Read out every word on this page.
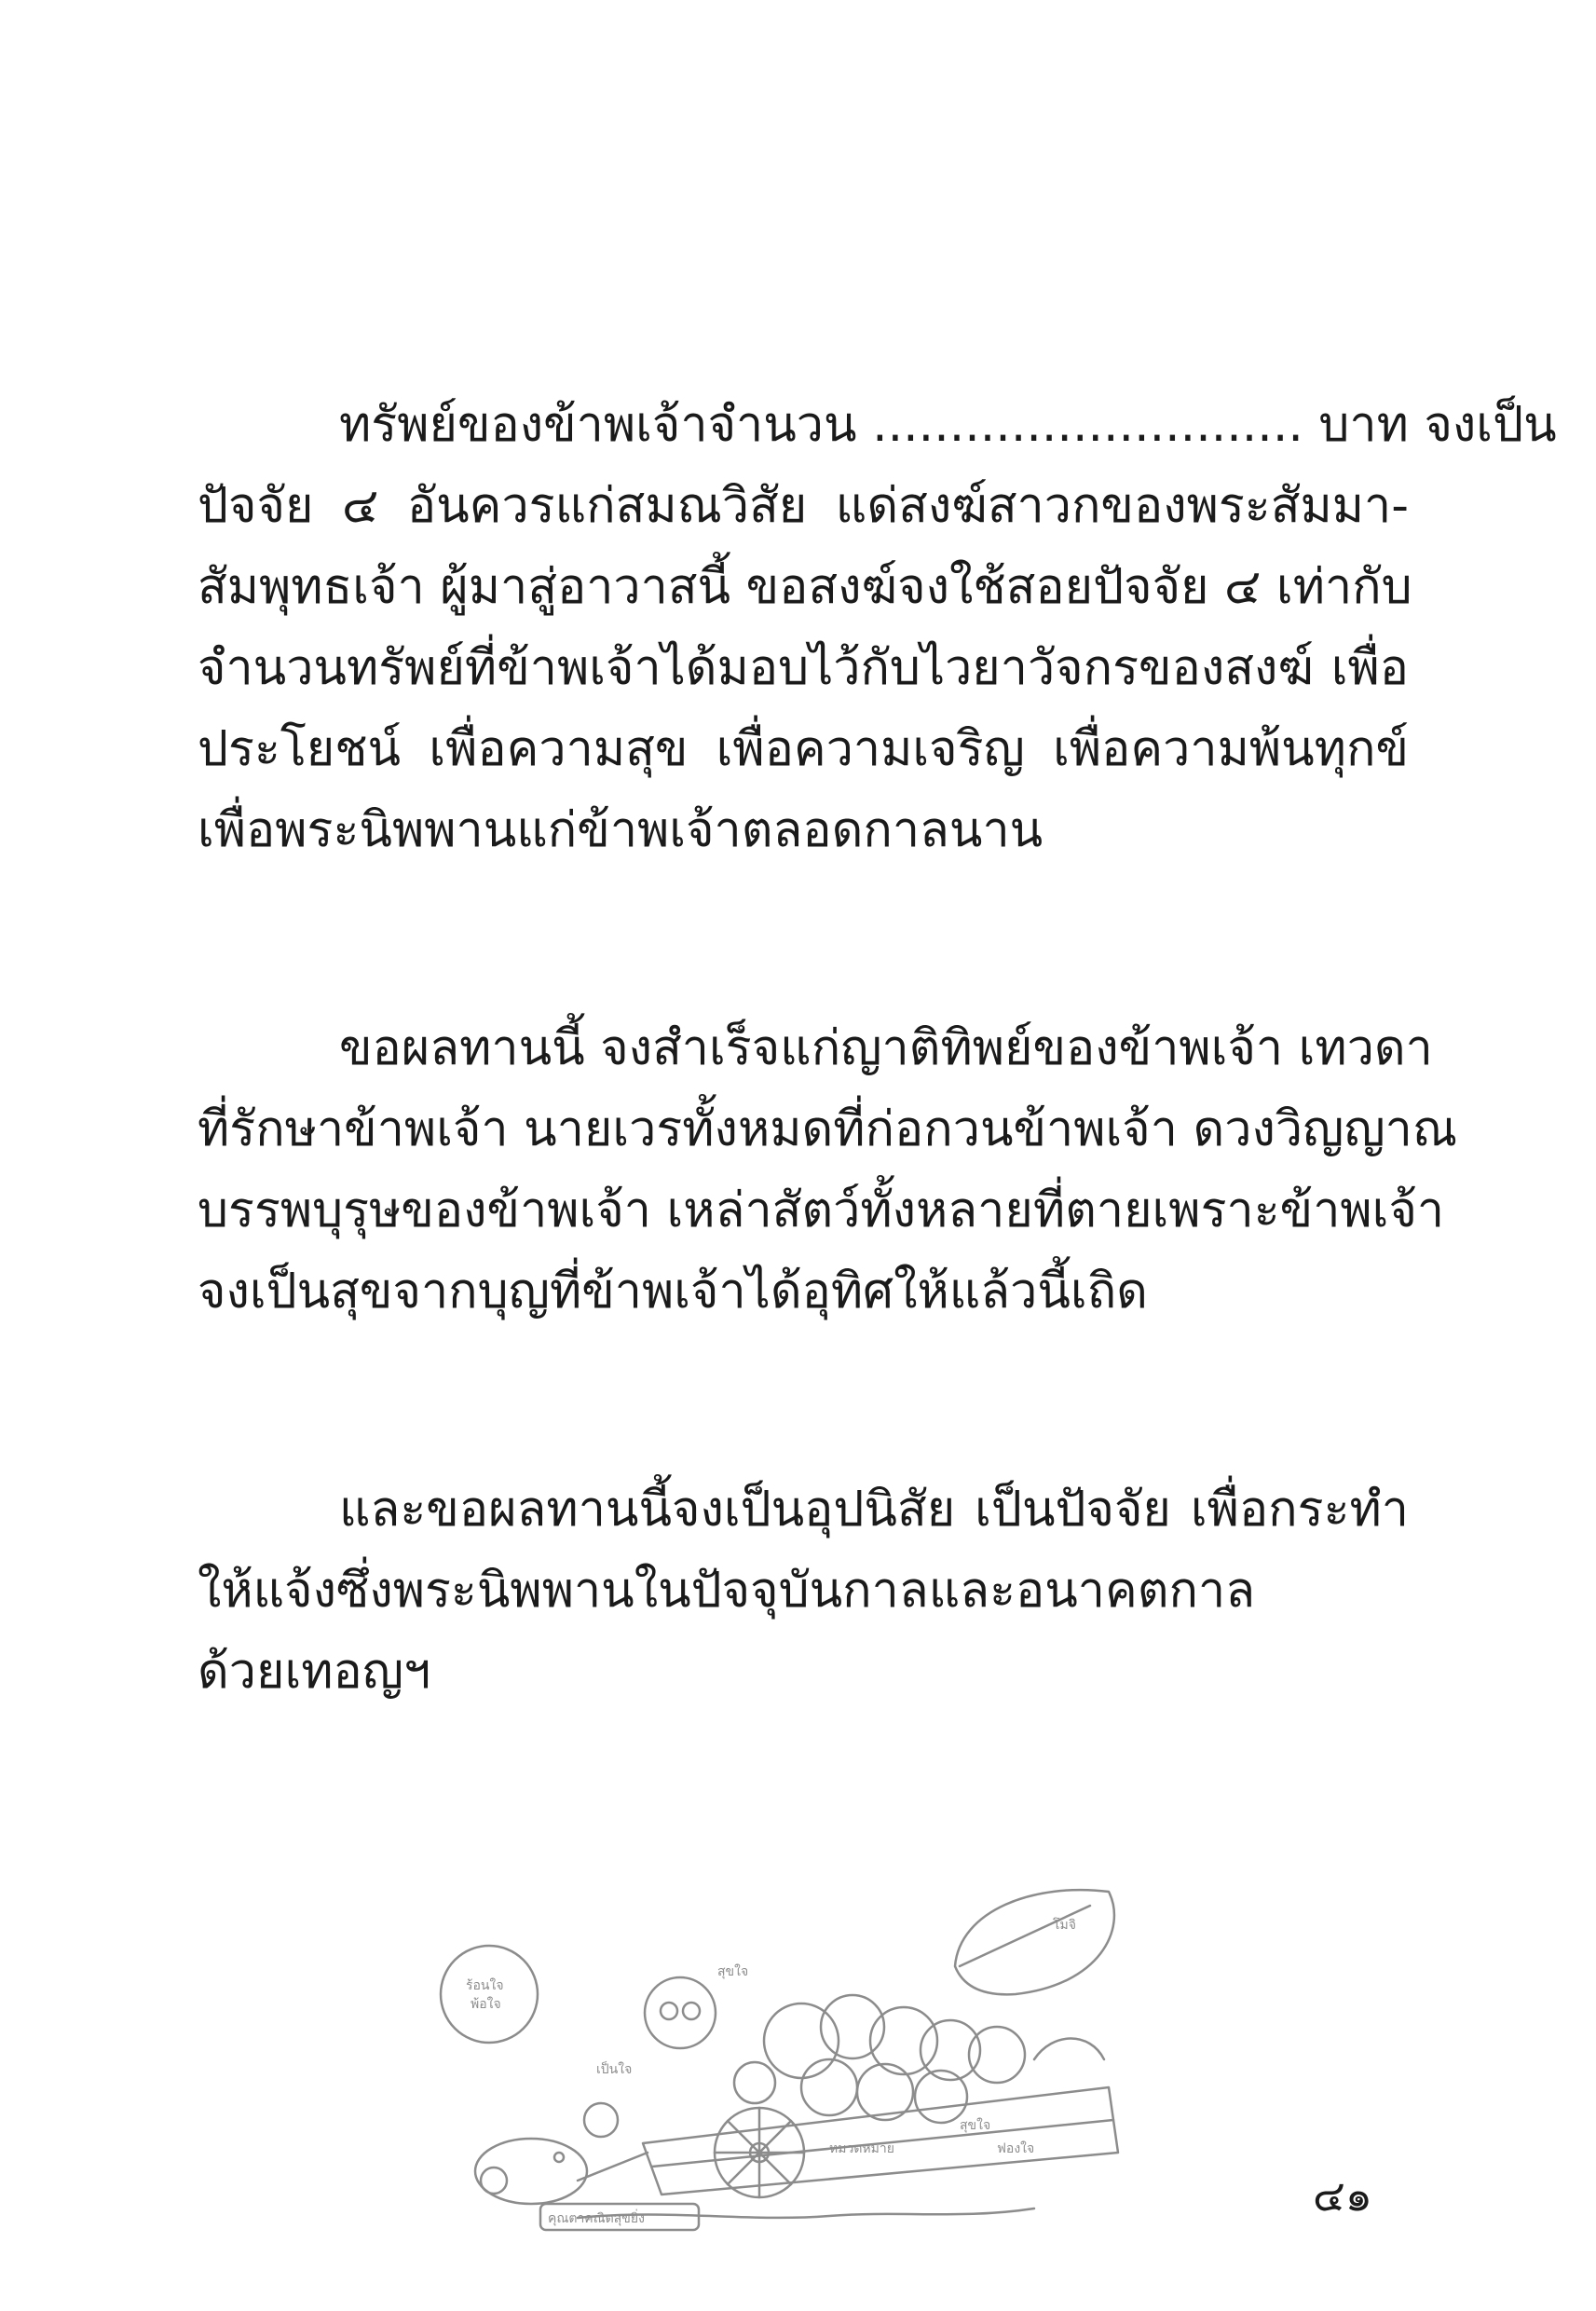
ทรัพย์ของข้าพเจ้าจำนวน ............................ บาท จงเป็น
ปัจจัย ๔ อันควรแก่สมณวิสัย แด่สงฆ์สาวกของพระสัมมา-
สัมพุทธเจ้า ผู้มาสู่อาวาสนี้ ขอสงฆ์จงใช้สอยปัจจัย ๔ เท่ากับ
จำนวนทรัพย์ที่ข้าพเจ้าได้มอบไว้กับไวยาวัจกรของสงฆ์ เพื่อ
ประโยชน์ เพื่อความสุข เพื่อความเจริญ เพื่อความพ้นทุกข์
เพื่อพระนิพพานแก่ข้าพเจ้าตลอดกาลนาน
ขอผลทานนี้ จงสำเร็จแก่ญาติทิพย์ของข้าพเจ้า เทวดา
ที่รักษาข้าพเจ้า นายเวรทั้งหมดที่ก่อกวนข้าพเจ้า ดวงวิญญาณ
บรรพบุรุษของข้าพเจ้า เหล่าสัตว์ทั้งหลายที่ตายเพราะข้าพเจ้า
จงเป็นสุขจากบุญที่ข้าพเจ้าได้อุทิศให้แล้วนี้เถิด
และขอผลทานนี้จงเป็นอุปนิสัย เป็นปัจจัย เพื่อกระทำ
ให้แจ้งซึ่งพระนิพพานในปัจจุบันกาลและอนาคตกาล
ด้วยเทอญฯ
ร้อนใจ
พ้อใจ
โมจิ
เป็นใจ
สุขใจ
หมวดหมาย	ฟองใจ
คุณตาคณิตสุขยิ่ง
สุขใจ
๔๑
